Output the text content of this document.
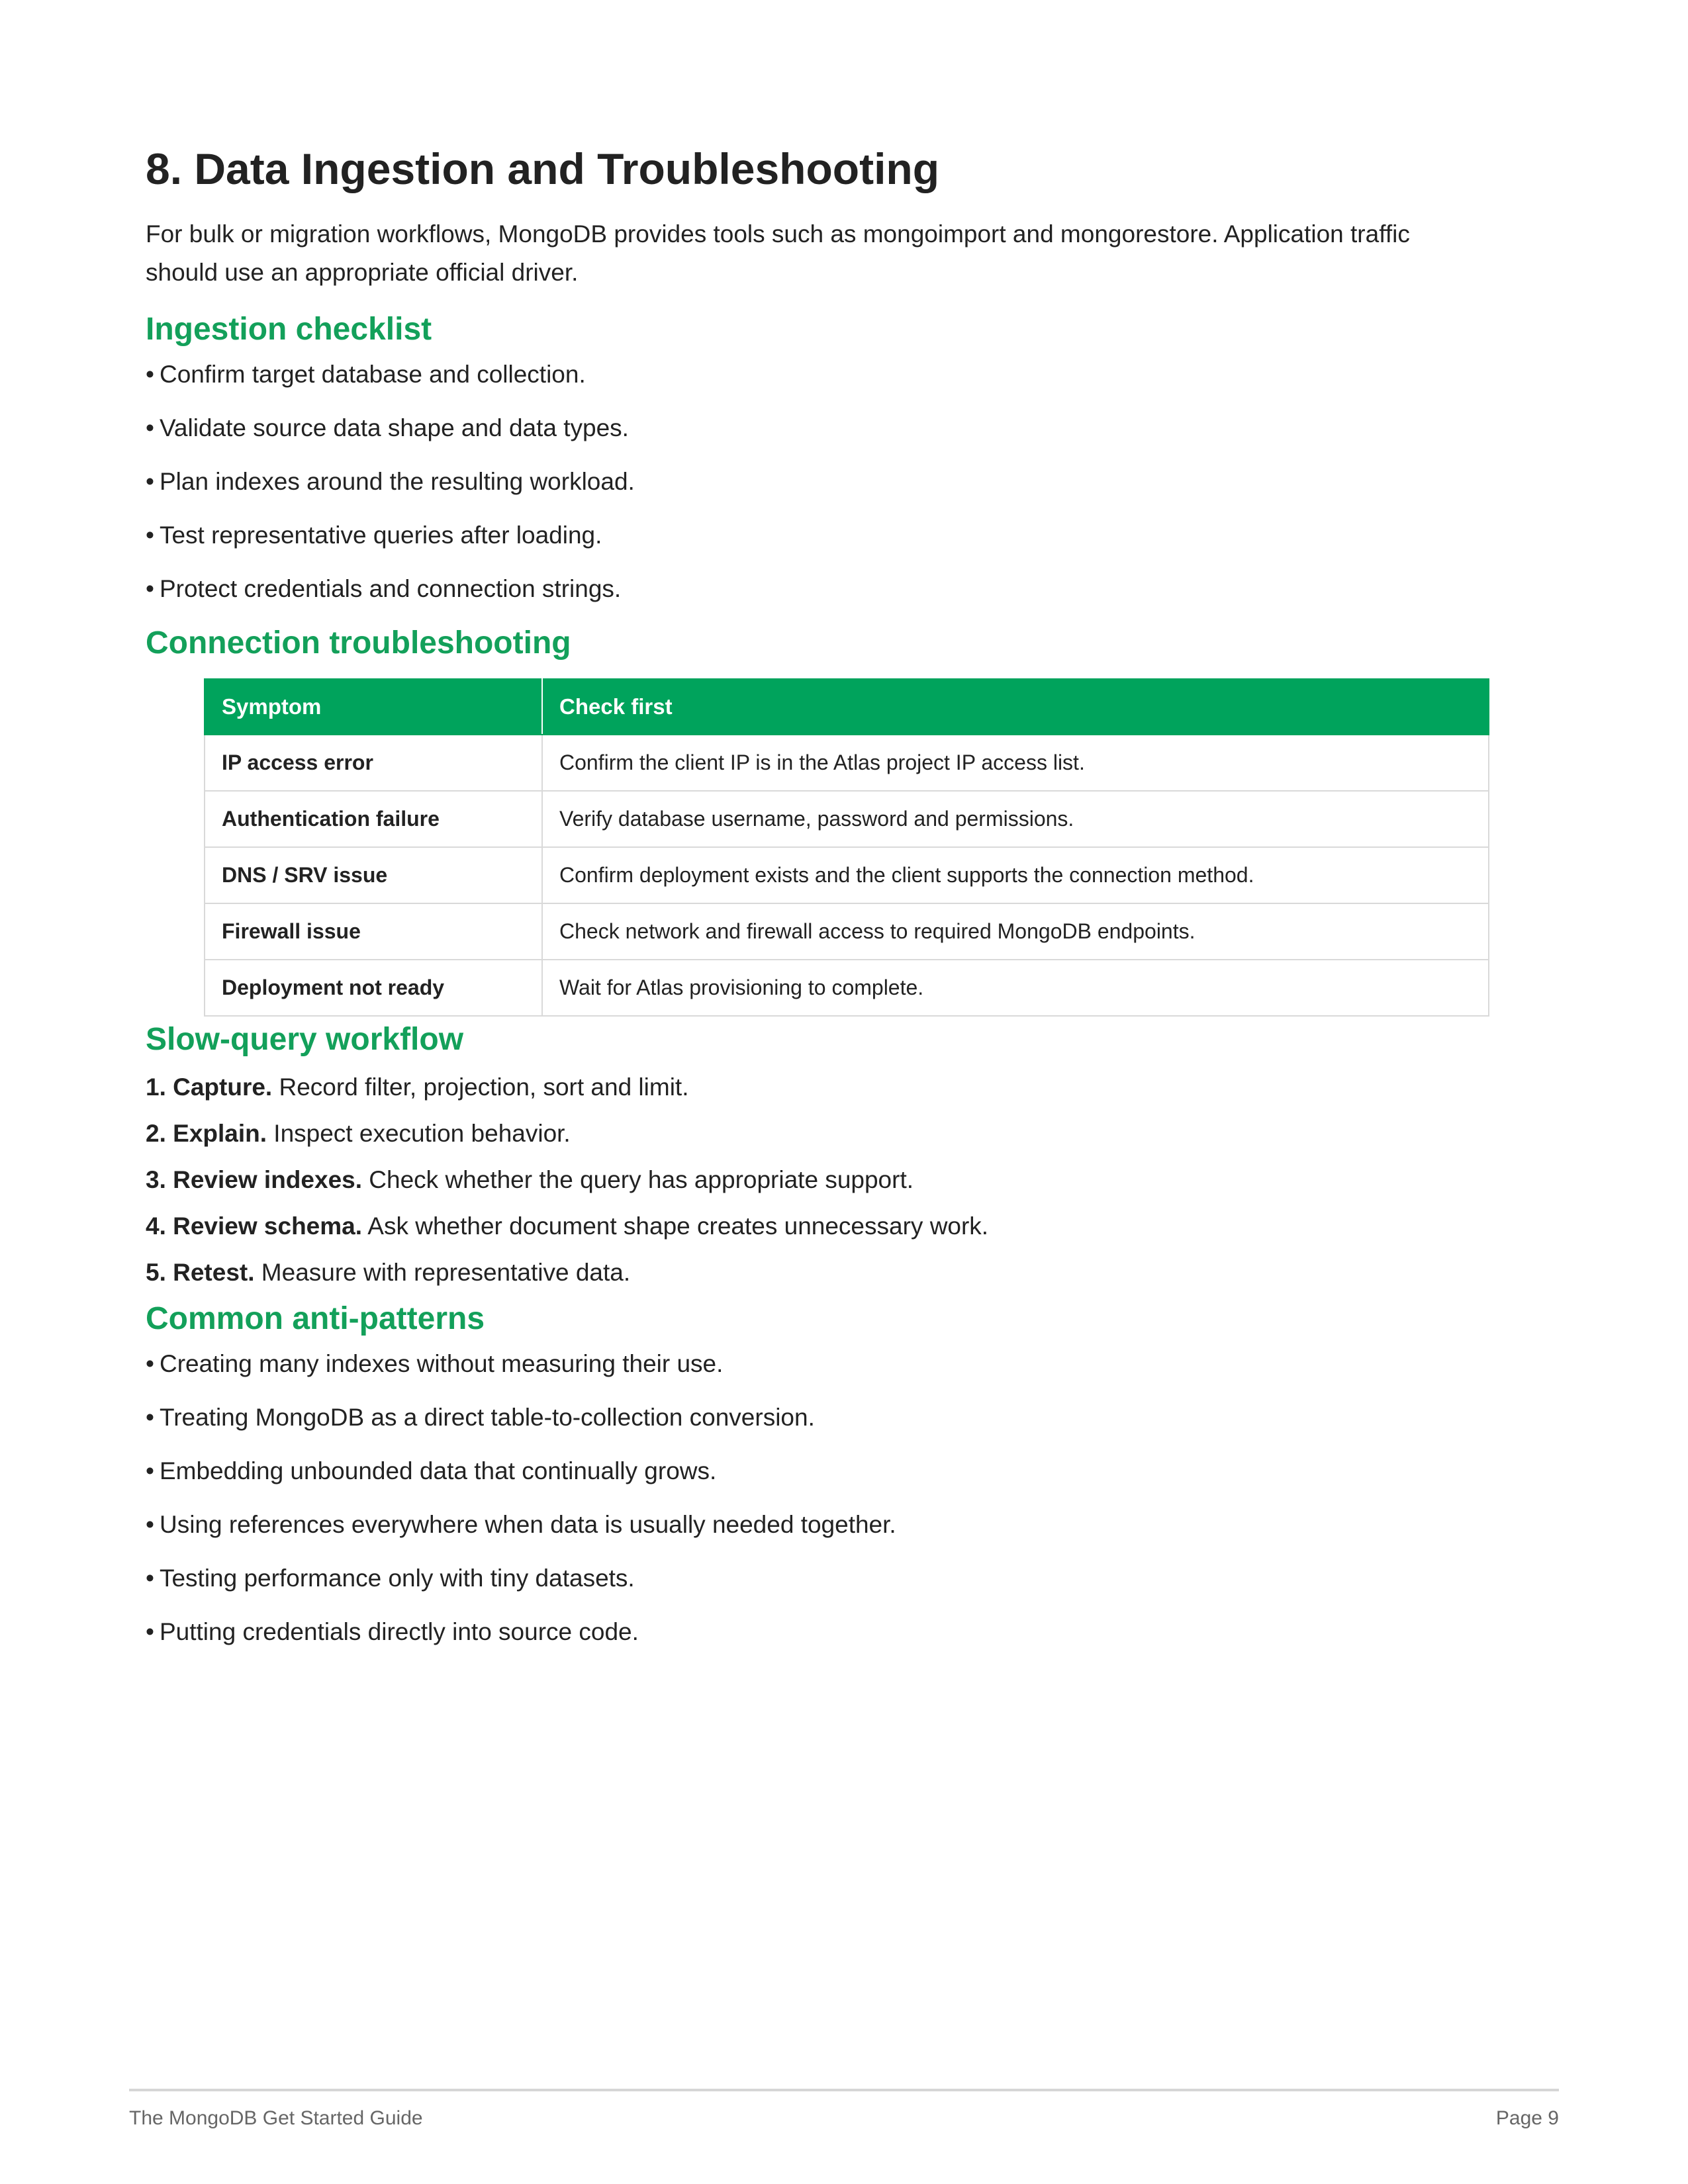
8. Data Ingestion and Troubleshooting

For bulk or migration workflows, MongoDB provides tools such as mongoimport and mongorestore. Application traffic should use an appropriate official driver.

Ingestion checklist
• Confirm target database and collection.
• Validate source data shape and data types.
• Plan indexes around the resulting workload.
• Test representative queries after loading.
• Protect credentials and connection strings.
Connection troubleshooting
Symptom	Check first
IP access error	Confirm the client IP is in the Atlas project IP access list.
Authentication failure	Verify database username, password and permissions.
DNS / SRV issue	Confirm deployment exists and the client supports the connection method.
Firewall issue	Check network and firewall access to required MongoDB endpoints.
Deployment not ready	Wait for Atlas provisioning to complete.
Slow-query workflow
1. Capture. Record filter, projection, sort and limit.
2. Explain. Inspect execution behavior.
3. Review indexes. Check whether the query has appropriate support.
4. Review schema. Ask whether document shape creates unnecessary work.
5. Retest. Measure with representative data.
Common anti-patterns
• Creating many indexes without measuring their use.
• Treating MongoDB as a direct table-to-collection conversion.
• Embedding unbounded data that continually grows.
• Using references everywhere when data is usually needed together.
• Testing performance only with tiny datasets.
• Putting credentials directly into source code.
The MongoDB Get Started Guide	Page 9
